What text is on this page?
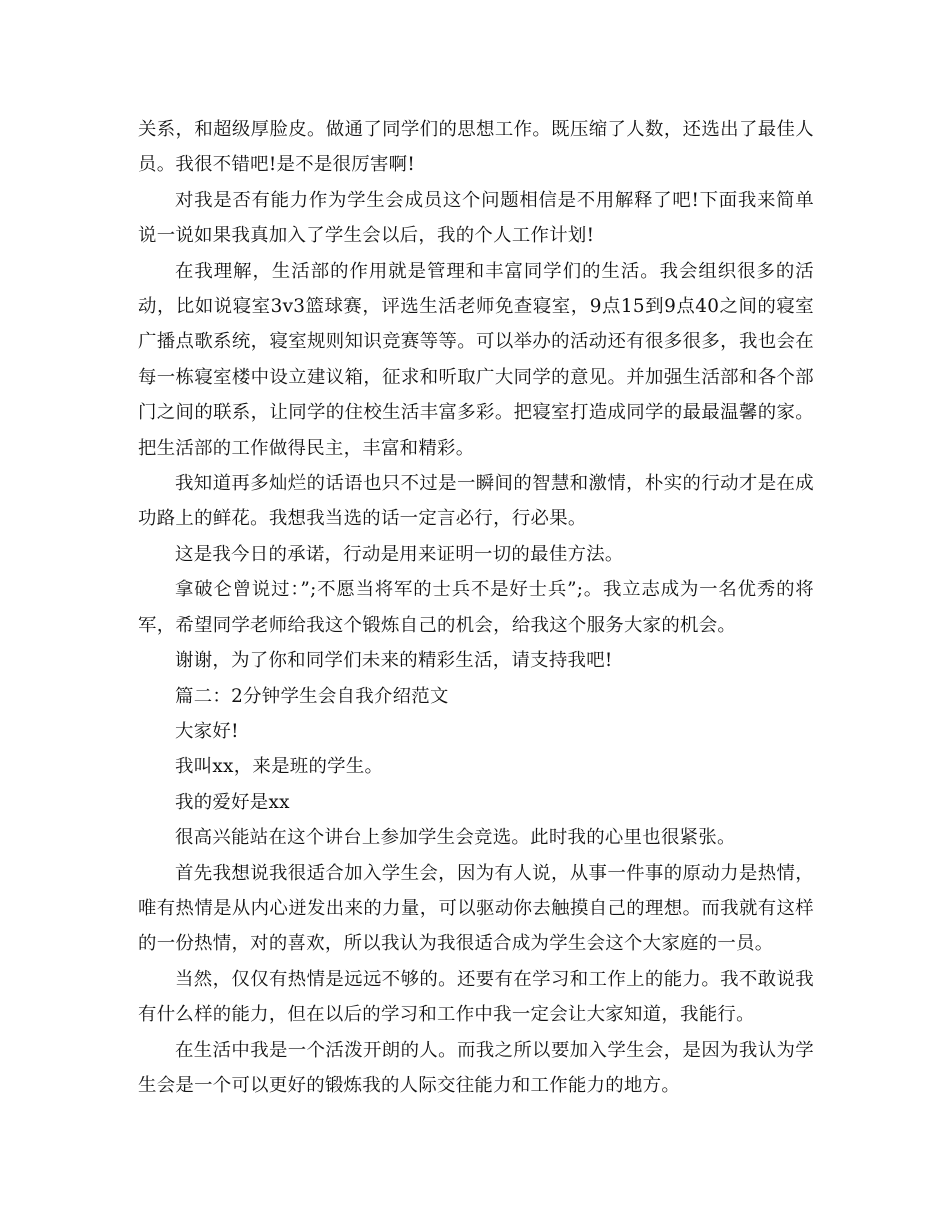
关系，和超级厚脸皮。做通了同学们的思想工作。既压缩了人数，还选出了最佳人员。我很不错吧!是不是很厉害啊!

对我是否有能力作为学生会成员这个问题相信是不用解释了吧!下面我来简单说一说如果我真加入了学生会以后，我的个人工作计划!

在我理解，生活部的作用就是管理和丰富同学们的生活。我会组织很多的活动，比如说寝室3v3篮球赛，评选生活老师免查寝室，9点15到9点40之间的寝室广播点歌系统，寝室规则知识竞赛等等。可以举办的活动还有很多很多，我也会在每一栋寝室楼中设立建议箱，征求和听取广大同学的意见。并加强生活部和各个部门之间的联系，让同学的住校生活丰富多彩。把寝室打造成同学的最最温馨的家。把生活部的工作做得民主，丰富和精彩。

我知道再多灿烂的话语也只不过是一瞬间的智慧和激情，朴实的行动才是在成功路上的鲜花。我想我当选的话一定言必行，行必果。

这是我今日的承诺，行动是用来证明一切的最佳方法。

拿破仑曾说过：”;不愿当将军的士兵不是好士兵”;。我立志成为一名优秀的将军，希望同学老师给我这个锻炼自己的机会，给我这个服务大家的机会。

谢谢，为了你和同学们未来的精彩生活，请支持我吧!

篇二：2分钟学生会自我介绍范文

大家好!

我叫xx，来是班的学生。

我的爱好是xx

很高兴能站在这个讲台上参加学生会竞选。此时我的心里也很紧张。

首先我想说我很适合加入学生会，因为有人说，从事一件事的原动力是热情，唯有热情是从内心迸发出来的力量，可以驱动你去触摸自己的理想。而我就有这样的一份热情，对的喜欢，所以我认为我很适合成为学生会这个大家庭的一员。

当然，仅仅有热情是远远不够的。还要有在学习和工作上的能力。我不敢说我有什么样的能力，但在以后的学习和工作中我一定会让大家知道，我能行。

在生活中我是一个活泼开朗的人。而我之所以要加入学生会，是因为我认为学生会是一个可以更好的锻炼我的人际交往能力和工作能力的地方。
